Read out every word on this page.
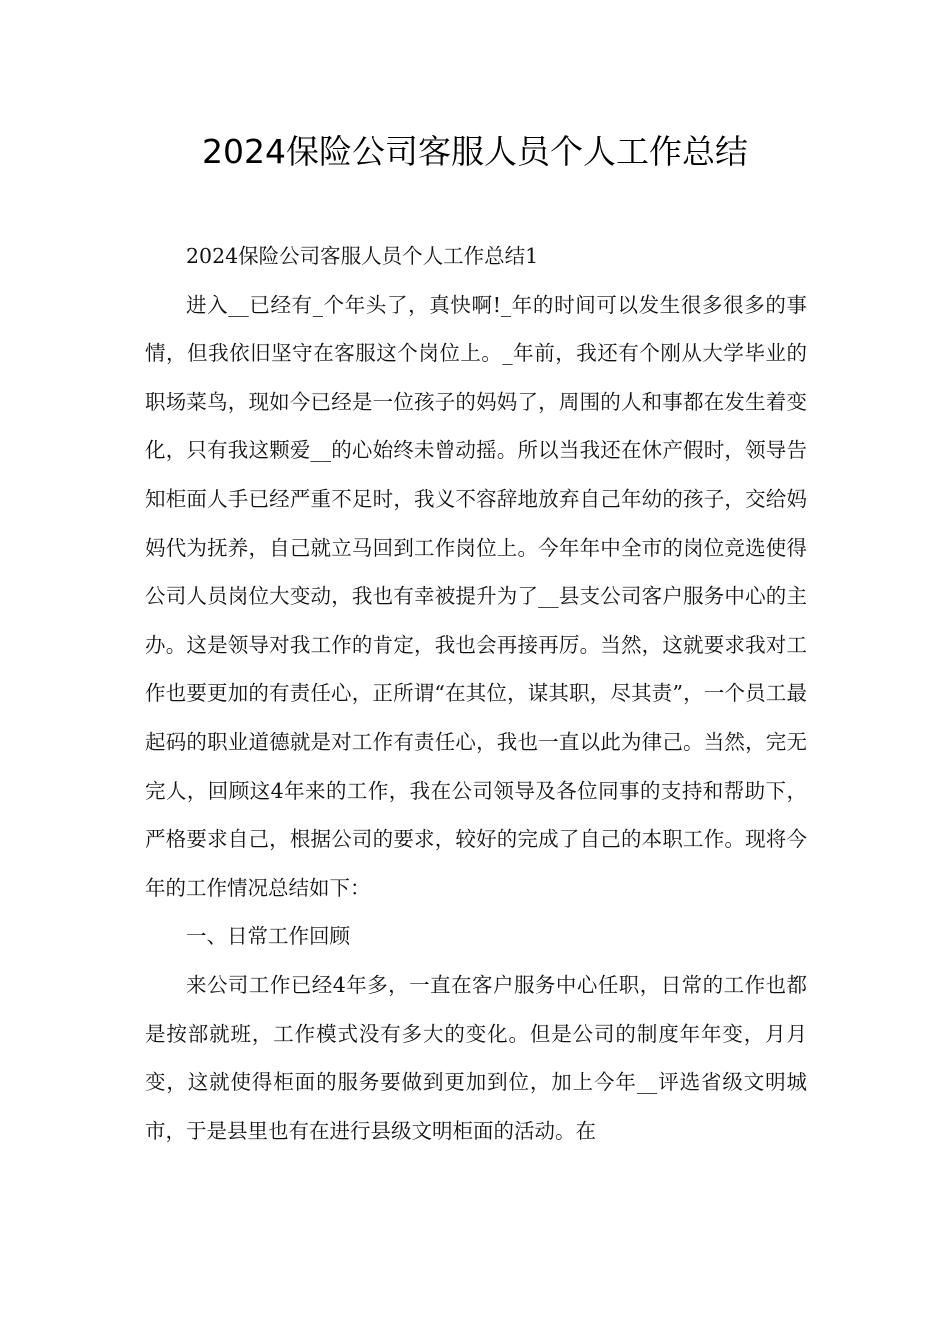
2024保险公司客服人员个人工作总结

2024保险公司客服人员个人工作总结1

进入__已经有_个年头了，真快啊!_年的时间可以发生很多很多的事情，但我依旧坚守在客服这个岗位上。_年前，我还有个刚从大学毕业的职场菜鸟，现如今已经是一位孩子的妈妈了，周围的人和事都在发生着变化，只有我这颗爱__的心始终未曾动摇。所以当我还在休产假时，领导告知柜面人手已经严重不足时，我义不容辞地放弃自己年幼的孩子，交给妈妈代为抚养，自己就立马回到工作岗位上。今年年中全市的岗位竞选使得公司人员岗位大变动，我也有幸被提升为了__县支公司客户服务中心的主办。这是领导对我工作的肯定，我也会再接再厉。当然，这就要求我对工作也要更加的有责任心，正所谓“在其位，谋其职，尽其责”，一个员工最起码的职业道德就是对工作有责任心，我也一直以此为律己。当然，完无完人，回顾这4年来的工作，我在公司领导及各位同事的支持和帮助下，严格要求自己，根据公司的要求，较好的完成了自己的本职工作。现将今年的工作情况总结如下：

一、日常工作回顾

来公司工作已经4年多，一直在客户服务中心任职，日常的工作也都是按部就班，工作模式没有多大的变化。但是公司的制度年年变，月月变，这就使得柜面的服务要做到更加到位，加上今年__评选省级文明城市，于是县里也有在进行县级文明柜面的活动。在
